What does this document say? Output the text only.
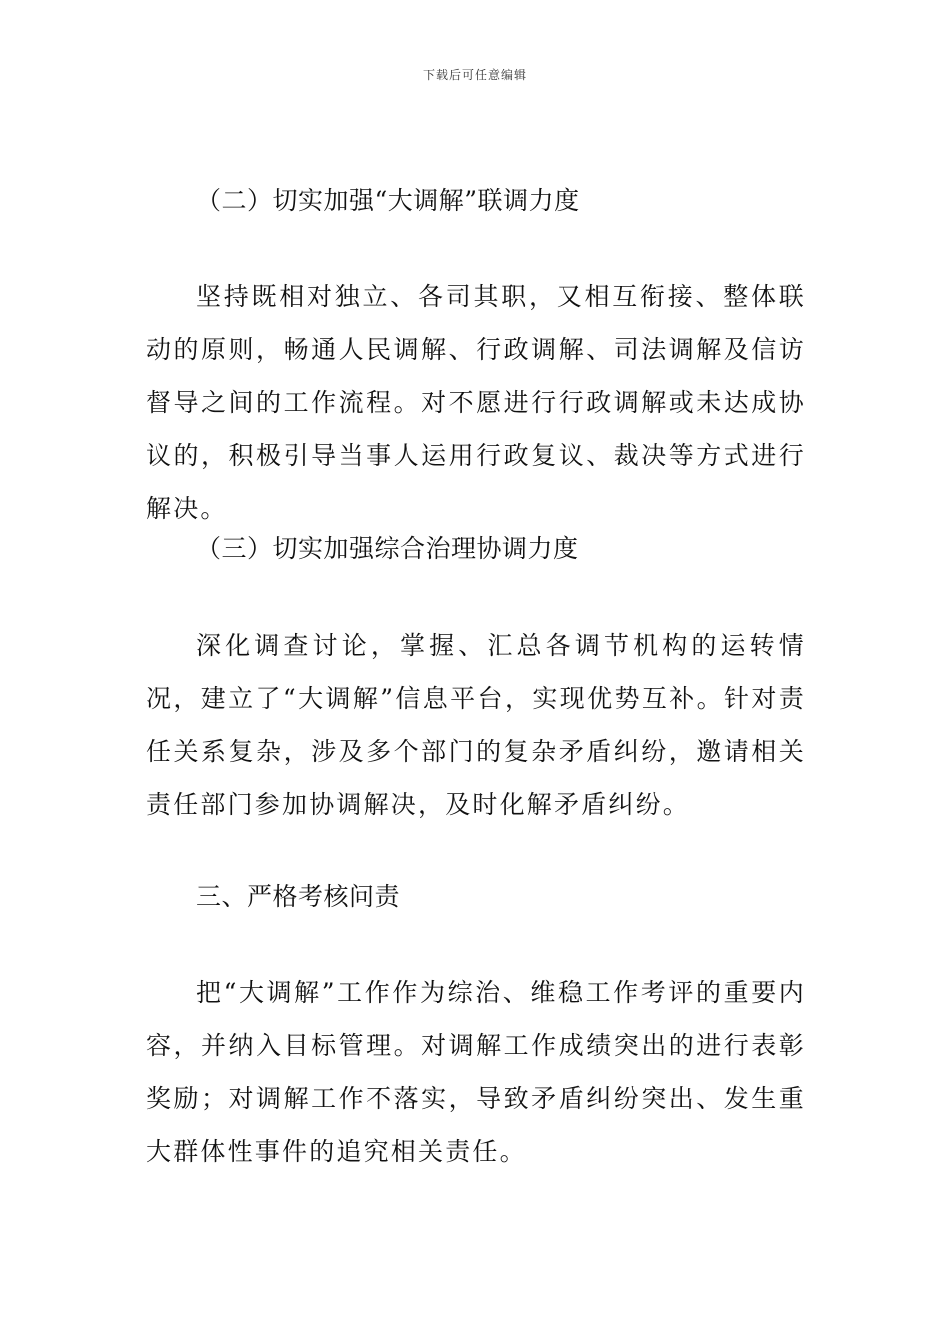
下载后可任意编辑
（二）切实加强“大调解”联调力度

坚持既相对独立、各司其职，又相互衔接、整体联动的原则，畅通人民调解、行政调解、司法调解及信访督导之间的工作流程。对不愿进行行政调解或未达成协议的，积极引导当事人运用行政复议、裁决等方式进行解决。

（三）切实加强综合治理协调力度

深化调查讨论，掌握、汇总各调节机构的运转情况，建立了“大调解”信息平台，实现优势互补。针对责任关系复杂，涉及多个部门的复杂矛盾纠纷，邀请相关责任部门参加协调解决，及时化解矛盾纠纷。

三、严格考核问责

把“大调解”工作作为综治、维稳工作考评的重要内容，并纳入目标管理。对调解工作成绩突出的进行表彰奖励；对调解工作不落实，导致矛盾纠纷突出、发生重大群体性事件的追究相关责任。
